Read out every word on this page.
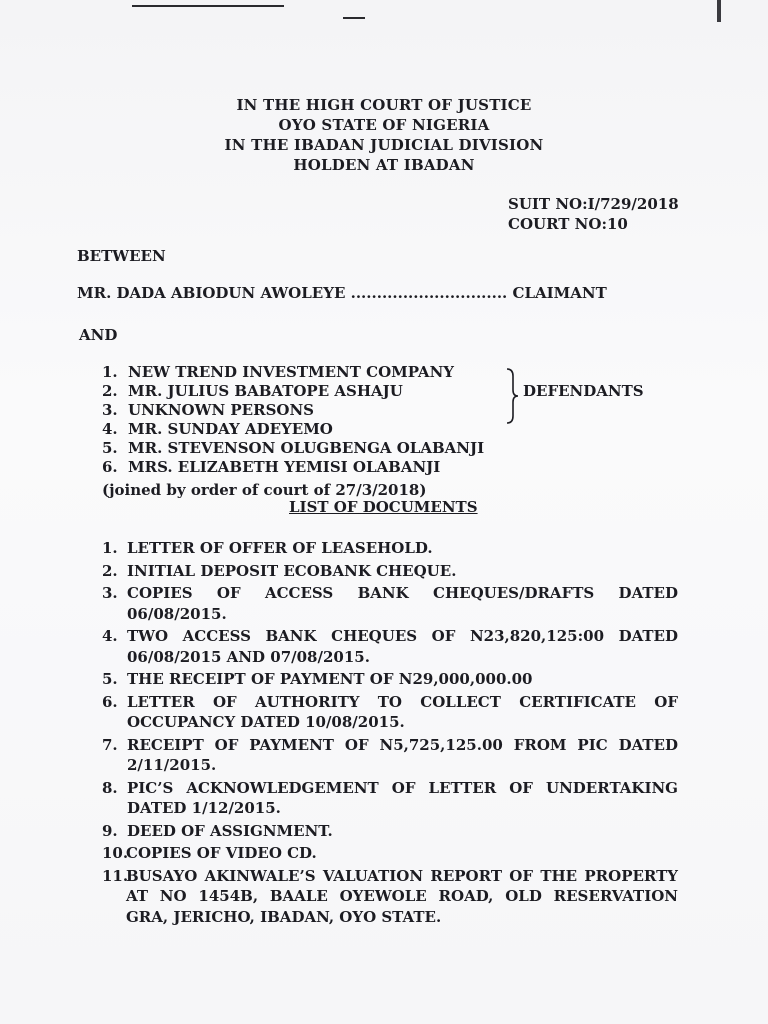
IN THE HIGH COURT OF JUSTICE
OYO STATE OF NIGERIA
IN THE IBADAN JUDICIAL DIVISION
HOLDEN AT IBADAN
SUIT NO:I/729/2018
COURT NO:10
BETWEEN
MR. DADA ABIODUN AWOLEYE .............................. CLAIMANT
AND
1. NEW TREND INVESTMENT COMPANY
2. MR. JULIUS BABATOPE ASHAJU
3. UNKNOWN PERSONS
4. MR. SUNDAY ADEYEMO
5. MR. STEVENSON OLUGBENGA OLABANJI
6. MRS. ELIZABETH YEMISI OLABANJI
DEFENDANTS
(joined by order of court of 27/3/2018)
LIST OF DOCUMENTS
1. LETTER OF OFFER OF LEASEHOLD.
2. INITIAL DEPOSIT ECOBANK CHEQUE.
3. COPIES OF ACCESS BANK CHEQUES/DRAFTS DATED 06/08/2015.
4. TWO ACCESS BANK CHEQUES OF N23,820,125:00 DATED 06/08/2015 AND 07/08/2015.
5. THE RECEIPT OF PAYMENT OF N29,000,000.00
6. LETTER OF AUTHORITY TO COLLECT CERTIFICATE OF OCCUPANCY DATED 10/08/2015.
7. RECEIPT OF PAYMENT OF N5,725,125.00 FROM PIC DATED 2/11/2015.
8. PIC’S ACKNOWLEDGEMENT OF LETTER OF UNDERTAKING DATED 1/12/2015.
9. DEED OF ASSIGNMENT.
10.
COPIES OF VIDEO CD.
11.
BUSAYO AKINWALE’S VALUATION REPORT OF THE PROPERTY AT NO 1454B, BAALE OYEWOLE ROAD, OLD RESERVATION GRA, JERICHO, IBADAN, OYO STATE.
